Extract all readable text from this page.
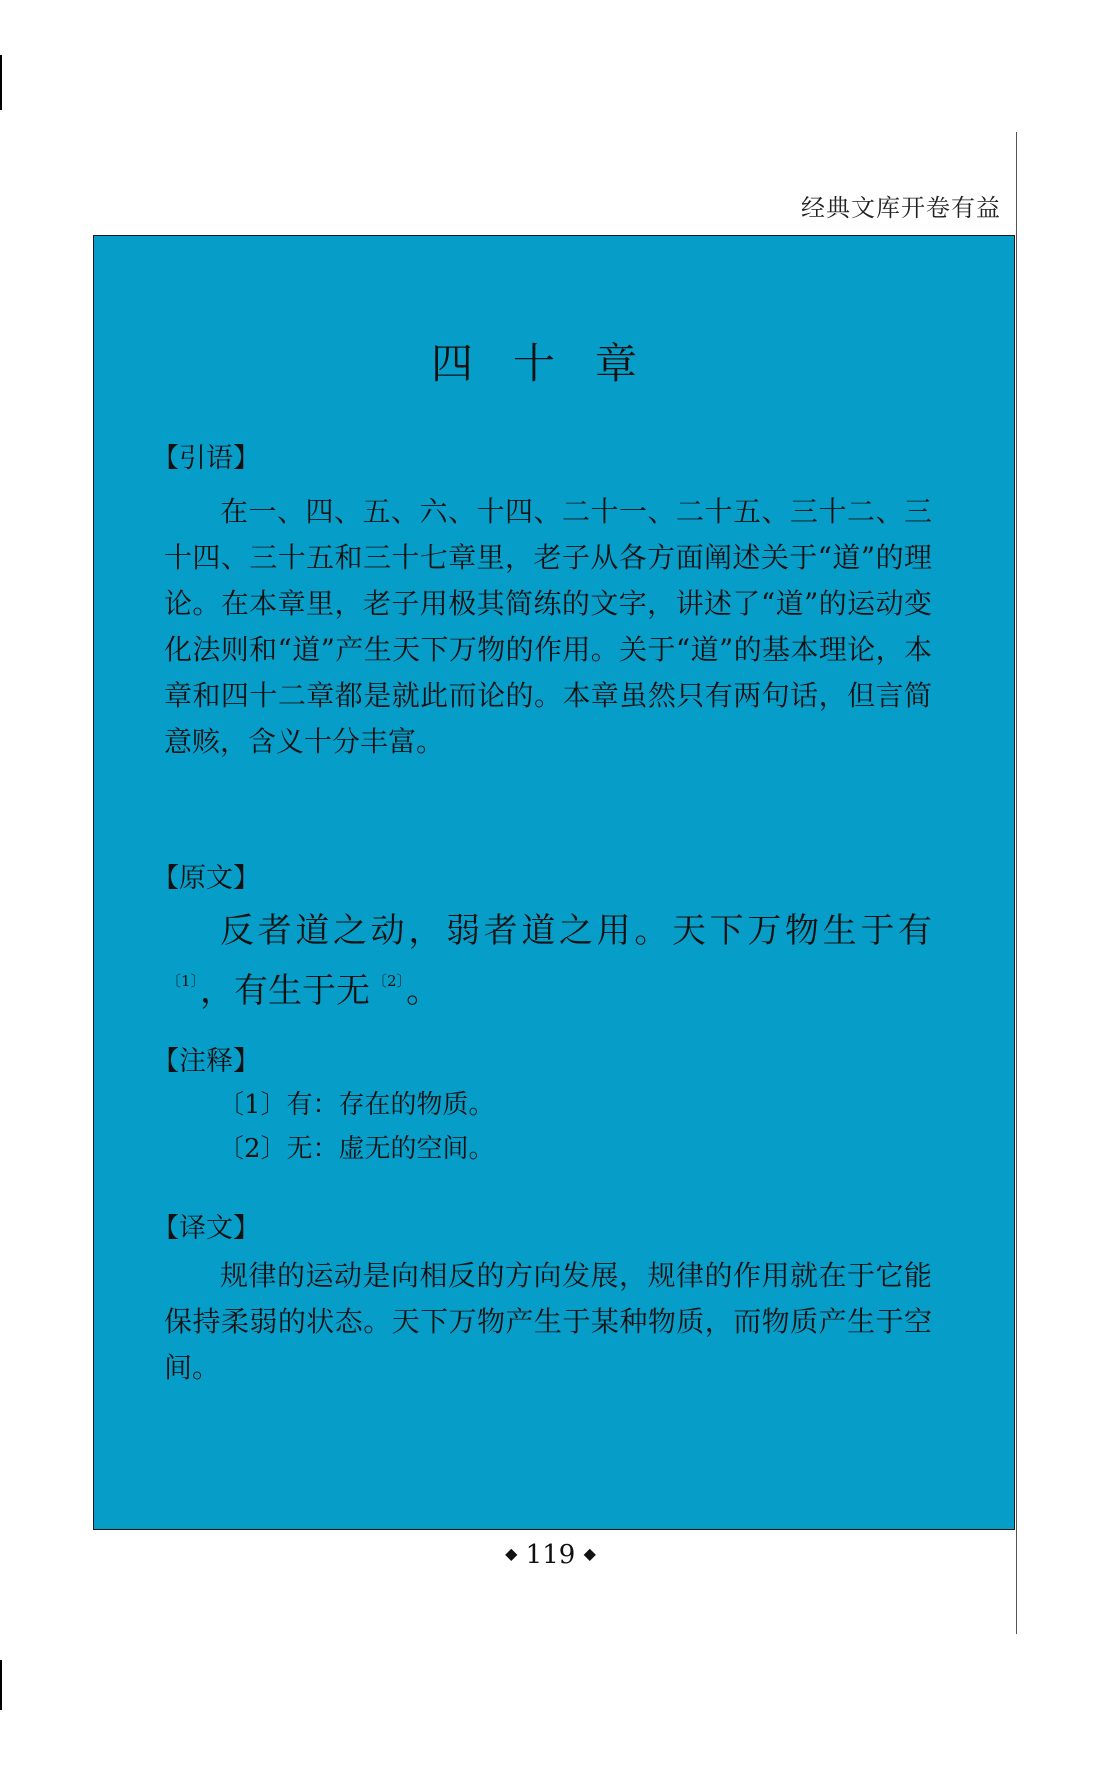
经典文库开卷有益
四十章
【引语】
在一、四、五、六、十四、二十一、二十五、三十二、三十四、三十五和三十七章里，老子从各方面阐述关于“道”的理论。在本章里，老子用极其简练的文字，讲述了“道”的运动变化法则和“道”产生天下万物的作用。关于“道”的基本理论，本章和四十二章都是就此而论的。本章虽然只有两句话，但言简意赅，含义十分丰富。
【原文】
反者道之动，弱者道之用。天下万物生于有$^{〔1〕}$，有生于无 $^{〔2〕}$。
【注释】
〔1〕有：存在的物质。
〔2〕无：虚无的空间。
【译文】
规律的运动是向相反的方向发展，规律的作用就在于它能保持柔弱的状态。天下万物产生于某种物质，而物质产生于空间。
◆ 119 ◆
